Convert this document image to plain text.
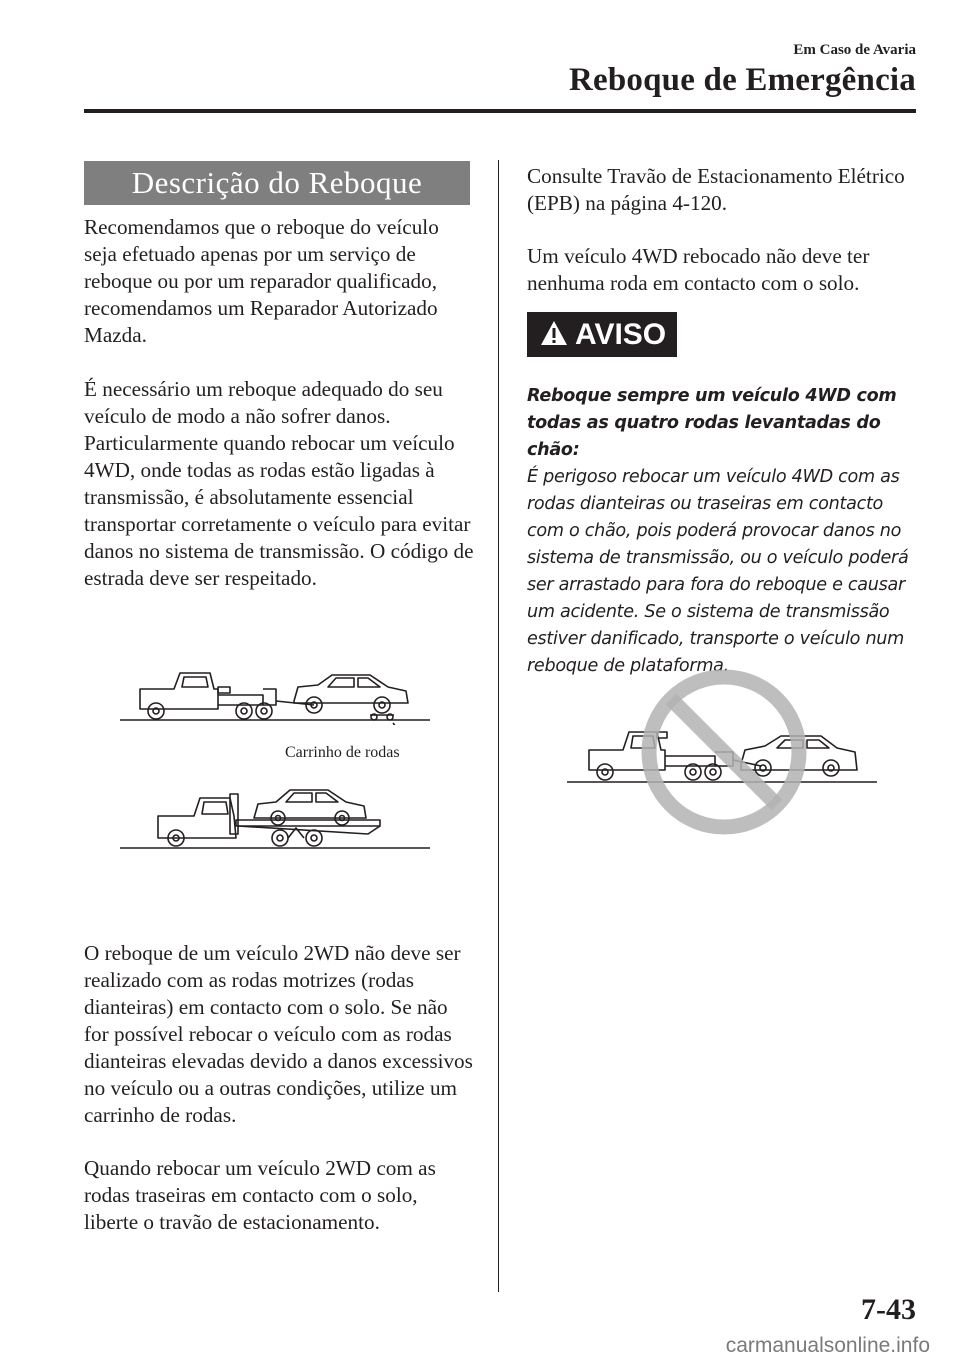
Em Caso de Avaria
Reboque de Emergência
Descrição do Reboque

Recomendamos que o reboque do veículo seja efetuado apenas por um serviço de reboque ou por um reparador qualificado, recomendamos um Reparador Autorizado Mazda.

É necessário um reboque adequado do seu veículo de modo a não sofrer danos. Particularmente quando rebocar um veículo 4WD, onde todas as rodas estão ligadas à transmissão, é absolutamente essencial transportar corretamente o veículo para evitar danos no sistema de transmissão. O código de estrada deve ser respeitado.

Carrinho de rodas

O reboque de um veículo 2WD não deve ser realizado com as rodas motrizes (rodas dianteiras) em contacto com o solo. Se não for possível rebocar o veículo com as rodas dianteiras elevadas devido a danos excessivos no veículo ou a outras condições, utilize um carrinho de rodas.

Quando rebocar um veículo 2WD com as rodas traseiras em contacto com o solo, liberte o travão de estacionamento.

Consulte Travão de Estacionamento Elétrico (EPB) na página 4-120.

Um veículo 4WD rebocado não deve ter nenhuma roda em contacto com o solo.

AVISO
Reboque sempre um veículo 4WD com todas as quatro rodas levantadas do chão:
É perigoso rebocar um veículo 4WD com as rodas dianteiras ou traseiras em contacto com o chão, pois poderá provocar danos no sistema de transmissão, ou o veículo poderá ser arrastado para fora do reboque e causar um acidente. Se o sistema de transmissão estiver danificado, transporte o veículo num reboque de plataforma.
7-43
carmanualsonline.info
